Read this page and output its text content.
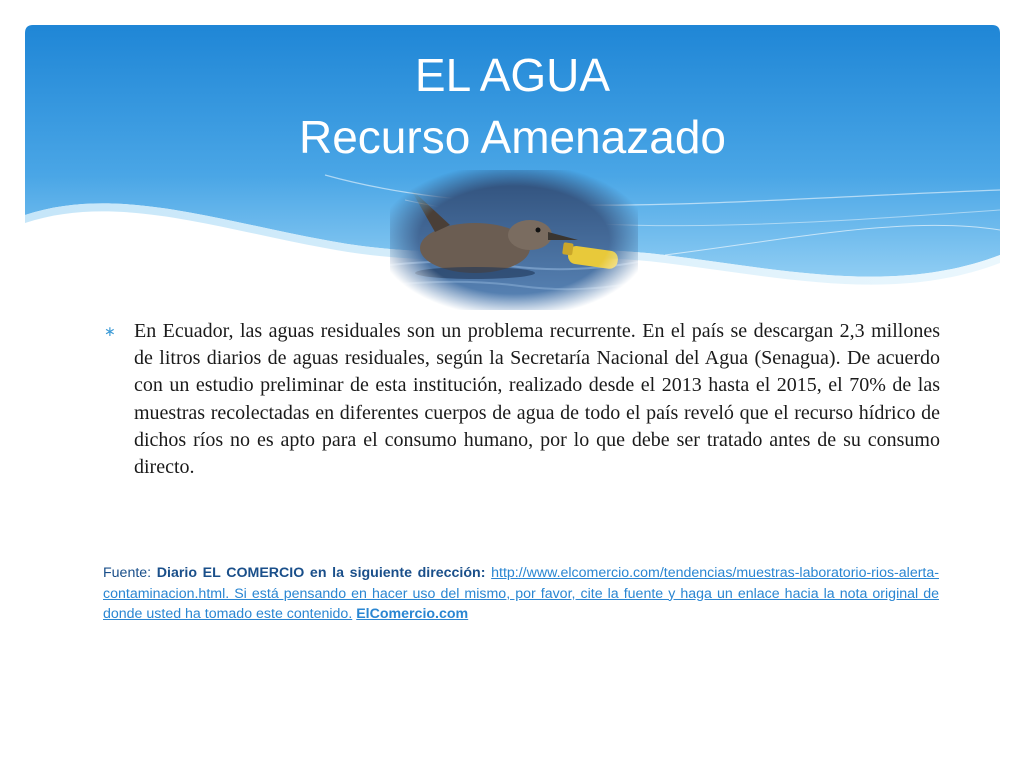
EL AGUA
Recurso Amenazado
∗ En Ecuador, las aguas residuales son un problema recurrente. En el país se descargan 2,3 millones de litros diarios de aguas residuales, según la Secretaría Nacional del Agua (Senagua). De acuerdo con un estudio preliminar de esta institución, realizado desde el 2013 hasta el 2015, el 70% de las muestras recolectadas en diferentes cuerpos de agua de todo el país reveló que el recurso hídrico de dichos ríos no es apto para el consumo humano, por lo que debe ser tratado antes de su consumo directo.
Fuente: Diario EL COMERCIO en la siguiente dirección: http://www.elcomercio.com/tendencias/muestras-laboratorio-rios-alerta-contaminacion.html. Si está pensando en hacer uso del mismo, por favor, cite la fuente y haga un enlace hacia la nota original de donde usted ha tomado este contenido. ElComercio.com
